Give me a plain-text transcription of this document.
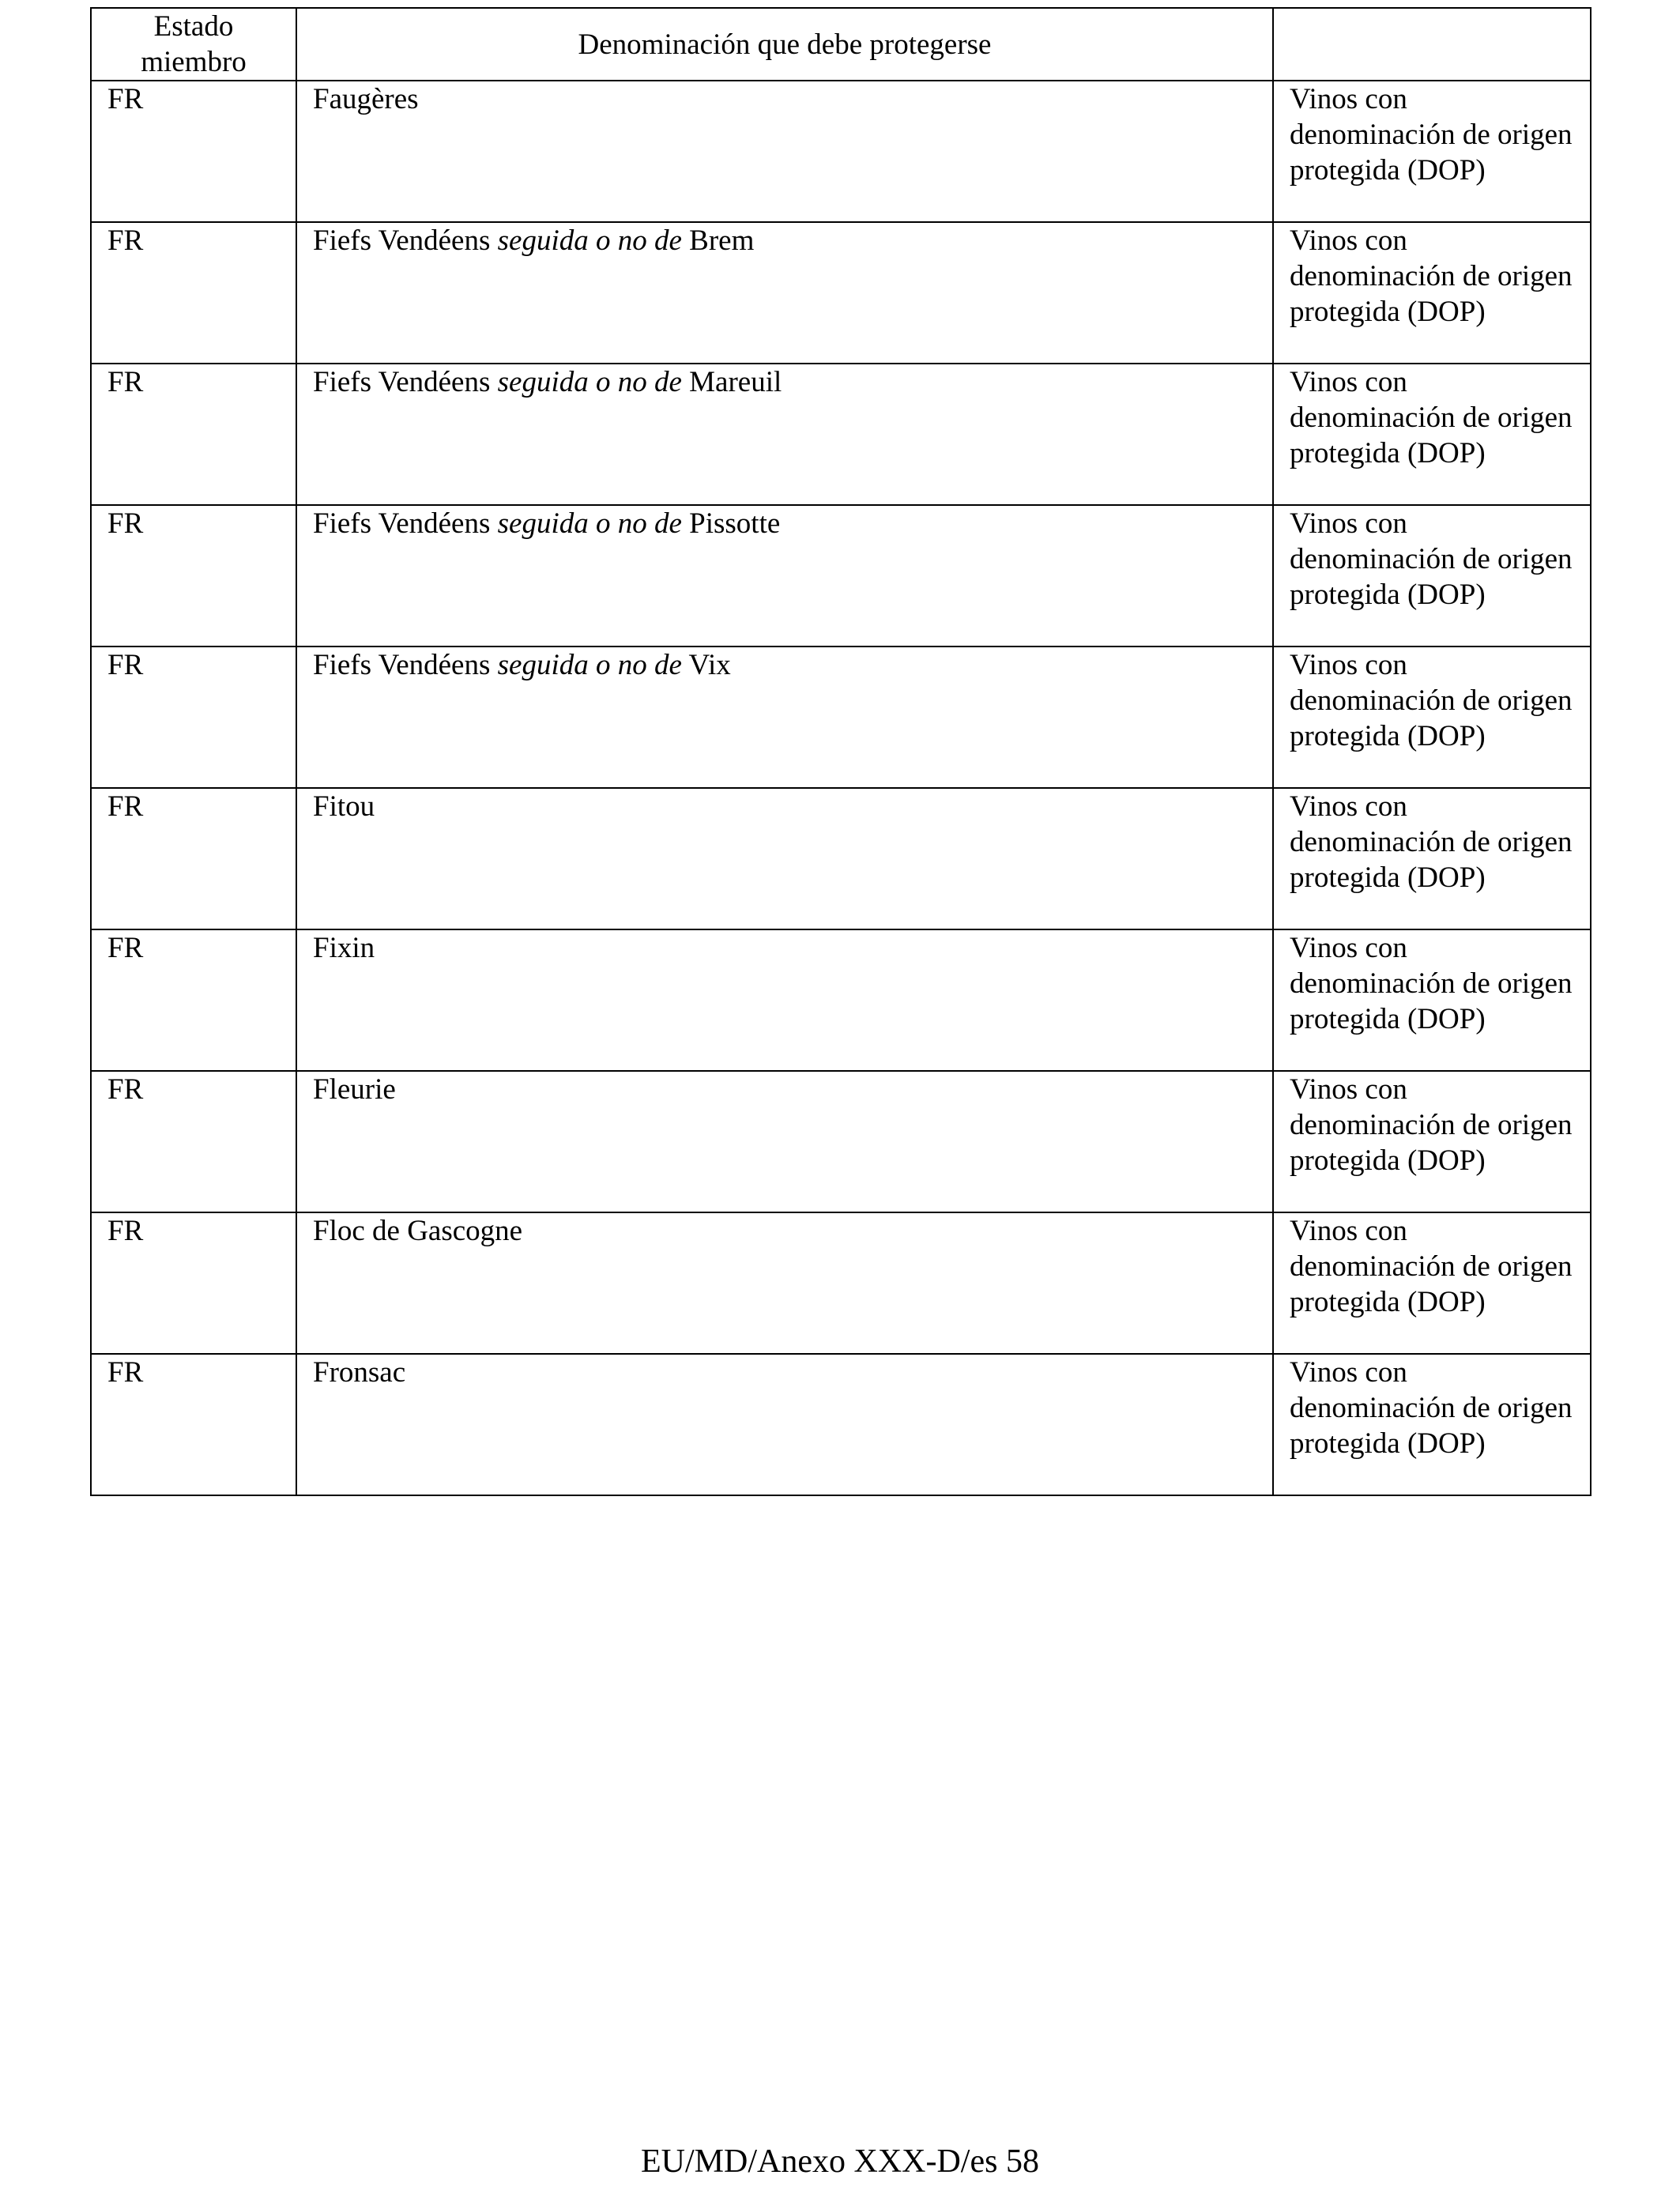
Estado miembro	Denominación que debe protegerse	
FR	Faugères	Vinos con denominación de origen protegida (DOP)
FR	Fiefs Vendéens seguida o no de Brem	Vinos con denominación de origen protegida (DOP)
FR	Fiefs Vendéens seguida o no de Mareuil	Vinos con denominación de origen protegida (DOP)
FR	Fiefs Vendéens seguida o no de Pissotte	Vinos con denominación de origen protegida (DOP)
FR	Fiefs Vendéens seguida o no de Vix	Vinos con denominación de origen protegida (DOP)
FR	Fitou	Vinos con denominación de origen protegida (DOP)
FR	Fixin	Vinos con denominación de origen protegida (DOP)
FR	Fleurie	Vinos con denominación de origen protegida (DOP)
FR	Floc de Gascogne	Vinos con denominación de origen protegida (DOP)
FR	Fronsac	Vinos con denominación de origen protegida (DOP)
EU/MD/Anexo XXX-D/es 58
